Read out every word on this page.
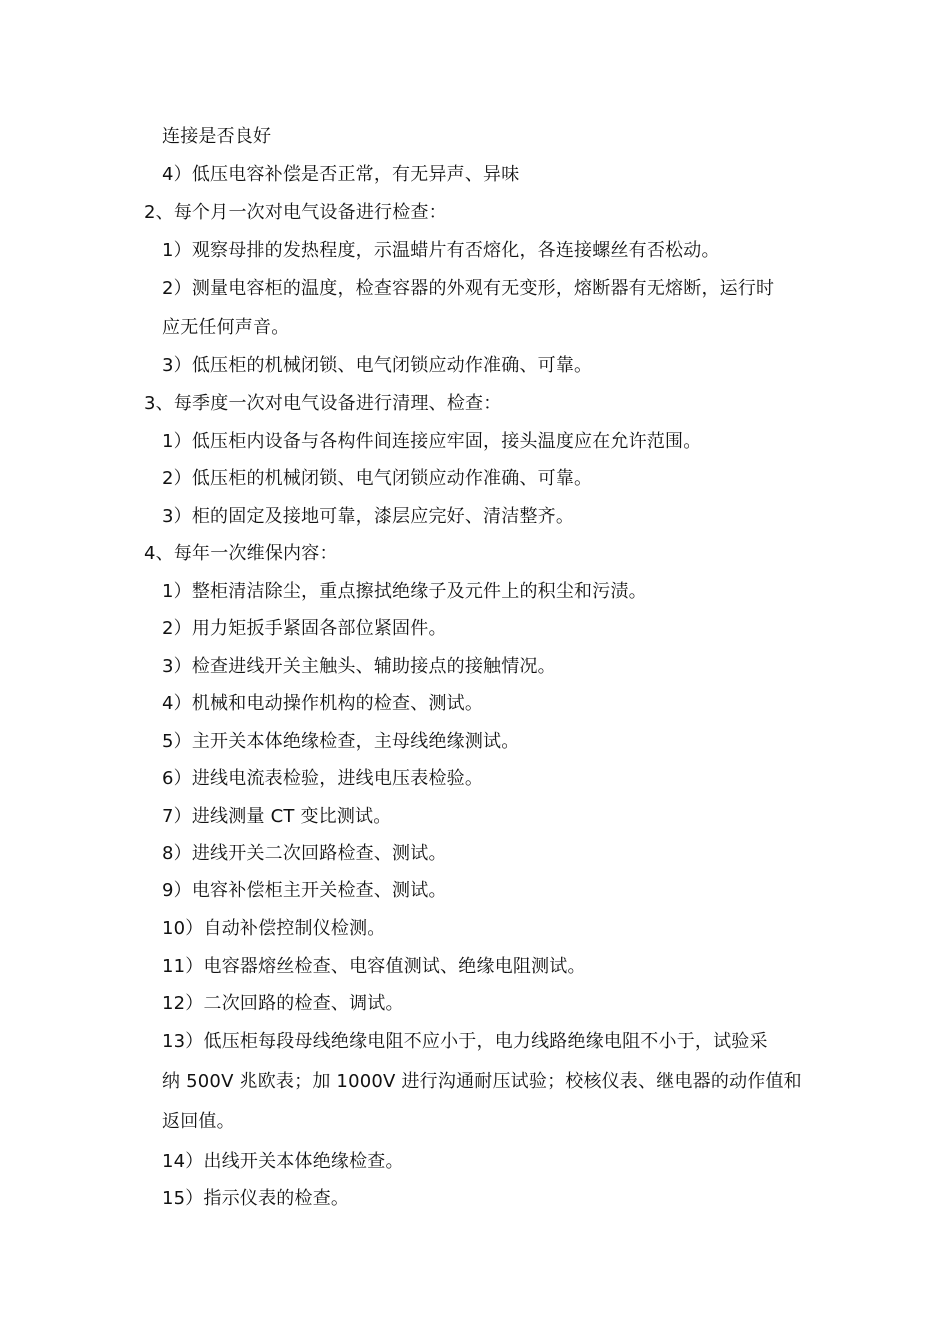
连接是否良好
4）低压电容补偿是否正常，有无异声、异味
2、每个月一次对电气设备进行检查：
1）观察母排的发热程度，示温蜡片有否熔化，各连接螺丝有否松动。
2）测量电容柜的温度，检查容器的外观有无变形，熔断器有无熔断，运行时
应无任何声音。
3）低压柜的机械闭锁、电气闭锁应动作准确、可靠。
3、每季度一次对电气设备进行清理、检查：
1）低压柜内设备与各构件间连接应牢固，接头温度应在允许范围。
2）低压柜的机械闭锁、电气闭锁应动作准确、可靠。
3）柜的固定及接地可靠，漆层应完好、清洁整齐。
4、每年一次维保内容：
1）整柜清洁除尘，重点擦拭绝缘子及元件上的积尘和污渍。
2）用力矩扳手紧固各部位紧固件。
3）检查进线开关主触头、辅助接点的接触情况。
4）机械和电动操作机构的检查、测试。
5）主开关本体绝缘检查，主母线绝缘测试。
6）进线电流表检验，进线电压表检验。
7）进线测量 CT 变比测试。
8）进线开关二次回路检查、测试。
9）电容补偿柜主开关检查、测试。
10）自动补偿控制仪检测。
11）电容器熔丝检查、电容值测试、绝缘电阻测试。
12）二次回路的检查、调试。
13）低压柜每段母线绝缘电阻不应小于，电力线路绝缘电阻不小于，试验采
纳 500V 兆欧表；加 1000V 进行沟通耐压试验；校核仪表、继电器的动作值和
返回值。
14）出线开关本体绝缘检查。
15）指示仪表的检查。
